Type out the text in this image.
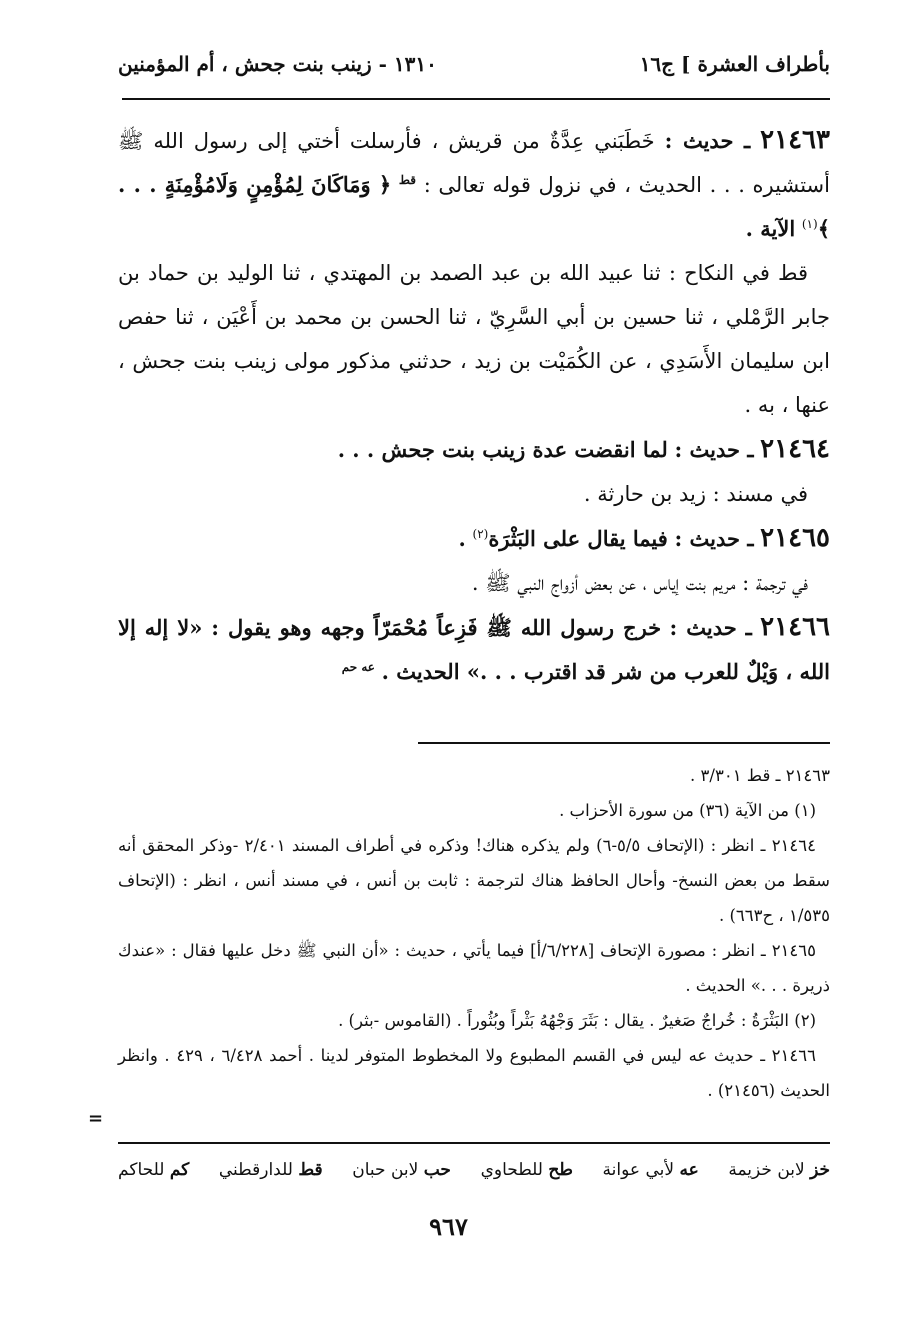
بأطراف العشرة ] ج١٦
١٣١٠ - زينب بنت جحش ، أم المؤمنين

٢١٤٦٣ ـ حديث : خَطَبَني عِدَّةٌ من قريش ، فأرسلت أختي إلى رسول الله ﷺ أستشيره . . . الحديث ، في نزول قوله تعالى : $^{قط}$ ﴿ وَمَاكَانَ لِمُؤْمِنٍ وَلَامُؤْمِنَةٍ . . . ﴾$^{(١)}$ الآية .

قط في النكاح : ثنا عبيد الله بن عبد الصمد بن المهتدي ، ثنا الوليد بن حماد بن جابر الرَّمْلي ، ثنا حسين بن أبي السَّرِيّ ، ثنا الحسن بن محمد بن أَعْيَن ، ثنا حفص ابن سليمان الأَسَدِي ، عن الكُمَيْت بن زيد ، حدثني مذكور مولى زينب بنت جحش ، عنها ، به .

٢١٤٦٤ ـ حديث : لما انقضت عدة زينب بنت جحش . . .

في مسند : زيد بن حارثة .

٢١٤٦٥ ـ حديث : فيما يقال على البَثْرَة$^{(٢)}$ .

في ترجمة : مريم بنت إياس ، عن بعض أزواج النبي ﷺ .

٢١٤٦٦ ـ حديث : خرج رسول الله ﷺ فَزِعاً مُحْمَرّاً وجهه وهو يقول : «لا إله إلا الله ، وَيْلٌ للعرب من شر قد اقترب . . .» الحديث . $^{عه حم}$

٢١٤٦٣ ـ قط ٣/٣٠١ .

(١) من الآية (٣٦) من سورة الأحزاب .

٢١٤٦٤ ـ انظر : (الإتحاف ٥/٥-٦) ولم يذكره هناك! وذكره في أطراف المسند ٢/٤٠١ -وذكر المحقق أنه سقط من بعض النسخ- وأحال الحافظ هناك لترجمة : ثابت بن أنس ، في مسند أنس ، انظر : (الإتحاف ١/٥٣٥ ، ح٦٦٣) .

٢١٤٦٥ ـ انظر : مصورة الإتحاف [٦/٢٢٨/أ] فيما يأتي ، حديث : «أن النبي ﷺ دخل عليها فقال : «عندك ذريرة . . .» الحديث .

(٢) البَثْرَةُ : خُراجٌ صَغيرٌ . يقال : بَثَرَ وَجْهُهُ بَثْراً وبُثُوراً . (القاموس -بثر) .

٢١٤٦٦ ـ حديث عه ليس في القسم المطبوع ولا المخطوط المتوفر لدينا . أحمد ٦/٤٢٨ ، ٤٢٩ . وانظر الحديث (٢١٤٥٦) .

=
خز لابن خزيمة
عه لأبي عوانة
طح للطحاوي
حب لابن حبان
قط للدارقطني
كم للحاكم
٩٦٧
